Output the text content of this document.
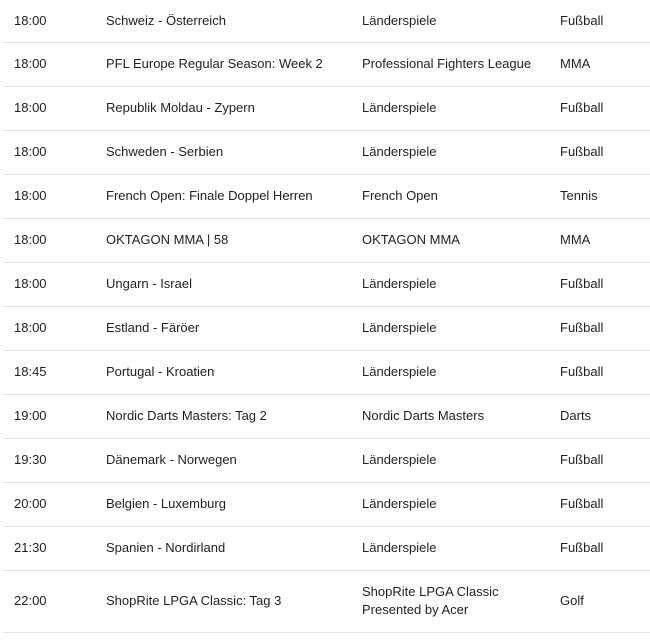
18:00	Schweiz - Österreich	Länderspiele	Fußball
18:00	PFL Europe Regular Season: Week 2	Professional Fighters League	MMA
18:00	Republik Moldau - Zypern	Länderspiele	Fußball
18:00	Schweden - Serbien	Länderspiele	Fußball
18:00	French Open: Finale Doppel Herren	French Open	Tennis
18:00	OKTAGON MMA | 58	OKTAGON MMA	MMA
18:00	Ungarn - Israel	Länderspiele	Fußball
18:00	Estland - Färöer	Länderspiele	Fußball
18:45	Portugal - Kroatien	Länderspiele	Fußball
19:00	Nordic Darts Masters: Tag 2	Nordic Darts Masters	Darts
19:30	Dänemark - Norwegen	Länderspiele	Fußball
20:00	Belgien - Luxemburg	Länderspiele	Fußball
21:30	Spanien - Nordirland	Länderspiele	Fußball
22:00	ShopRite LPGA Classic: Tag 3	ShopRite LPGA Classic Presented by Acer	Golf
